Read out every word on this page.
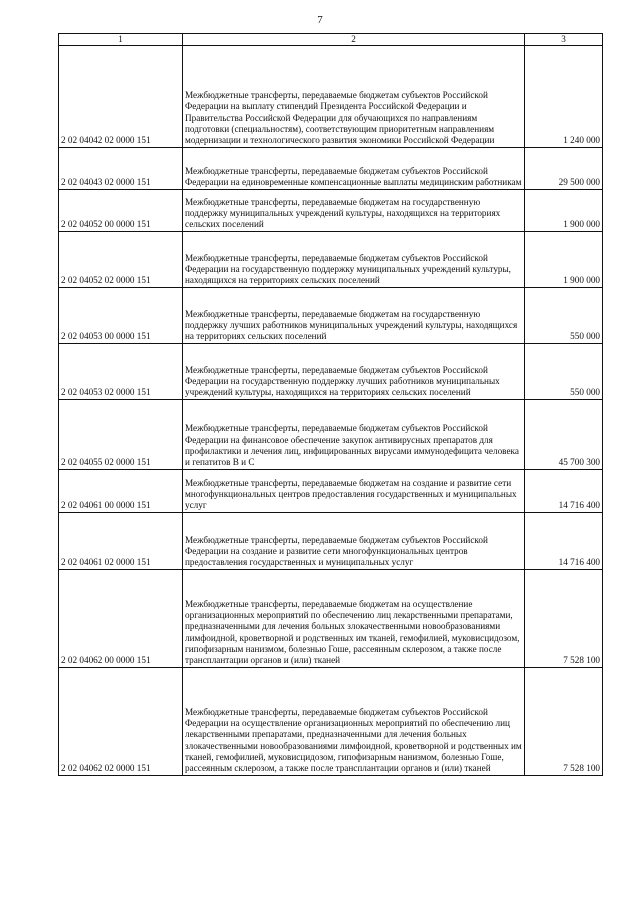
7
1	2	3
2 02 04042 02 0000 151	Межбюджетные трансферты, передаваемые бюджетам субъектов Российской Федерации на выплату стипендий Президента Российской Федерации и Правительства Российской Федерации для обучающихся по направлениям подготовки (специальностям), соответствующим приоритетным направлениям модернизации и технологического развития экономики Российской Федерации	1 240 000
2 02 04043 02 0000 151	Межбюджетные трансферты, передаваемые бюджетам субъектов Российской Федерации на единовременные компенсационные выплаты медицинским работникам	29 500 000
2 02 04052 00 0000 151	Межбюджетные трансферты, передаваемые бюджетам на государственную поддержку муниципальных учреждений культуры, находящихся на территориях сельских поселений	1 900 000
2 02 04052 02 0000 151	Межбюджетные трансферты, передаваемые бюджетам субъектов Российской Федерации на государственную поддержку муниципальных учреждений культуры, находящихся на территориях сельских поселений	1 900 000
2 02 04053 00 0000 151	Межбюджетные трансферты, передаваемые бюджетам на государственную поддержку лучших работников муниципальных учреждений культуры, находящихся на территориях сельских поселений	550 000
2 02 04053 02 0000 151	Межбюджетные трансферты, передаваемые бюджетам субъектов Российской Федерации на государственную поддержку лучших работников муниципальных учреждений культуры, находящихся на территориях сельских поселений	550 000
2 02 04055 02 0000 151	Межбюджетные трансферты, передаваемые бюджетам субъектов Российской Федерации на финансовое обеспечение закупок антивирусных препаратов для профилактики и лечения лиц, инфицированных вирусами иммунодефицита человека и гепатитов В и С	45 700 300
2 02 04061 00 0000 151	Межбюджетные трансферты, передаваемые бюджетам на создание и развитие сети многофункциональных центров предоставления государственных и муниципальных услуг	14 716 400
2 02 04061 02 0000 151	Межбюджетные трансферты, передаваемые бюджетам субъектов Российской Федерации на создание и развитие сети многофункциональных центров предоставления государственных и муниципальных услуг	14 716 400
2 02 04062 00 0000 151	Межбюджетные трансферты, передаваемые бюджетам на осуществление организационных мероприятий по обеспечению лиц лекарственными препаратами, предназначенными для лечения больных злокачественными новообразованиями лимфоидной, кроветворной и родственных им тканей, гемофилией, муковисцидозом, гипофизарным нанизмом, болезнью Гоше, рассеянным склерозом, а также после трансплантации органов и (или) тканей	7 528 100
2 02 04062 02 0000 151	Межбюджетные трансферты, передаваемые бюджетам субъектов Российской Федерации на осуществление организационных мероприятий по обеспечению лиц лекарственными препаратами, предназначенными для лечения больных злокачественными новообразованиями лимфоидной, кроветворной и родственных им тканей, гемофилией, муковисцидозом, гипофизарным нанизмом, болезнью Гоше, рассеянным склерозом, а также после трансплантации органов и (или) тканей	7 528 100
